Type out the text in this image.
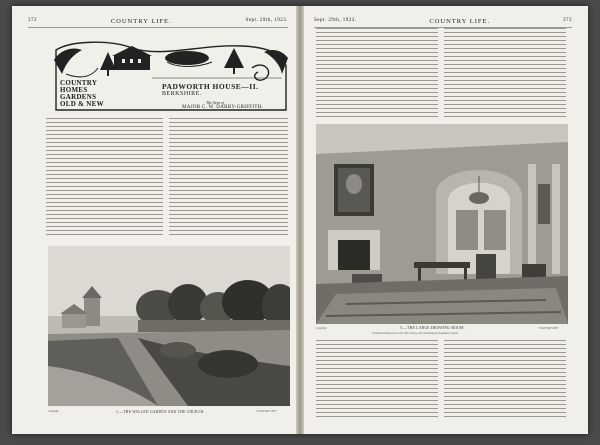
372	COUNTRY LIFE.	Sept. 29th, 1923.
COUNTRY
HOMES
GARDENS
OLD & NEW
PADWORTH HOUSE—II.
BERKSHIRE.
The Seat of
MAJOR C. W. DARBY-GRIFFITH.
Copyright	"COUNTRY LIFE."
1.—THE WALLED GARDEN AND THE CHURCH.
Sept. 29th, 1923.	COUNTRY LIFE.	373
Copyright	"COUNTRY LIFE."
5.—THE LARGE DRAWING-ROOM.
Called the Dining-room in the 18th century, and containing the mantelpiece shown
